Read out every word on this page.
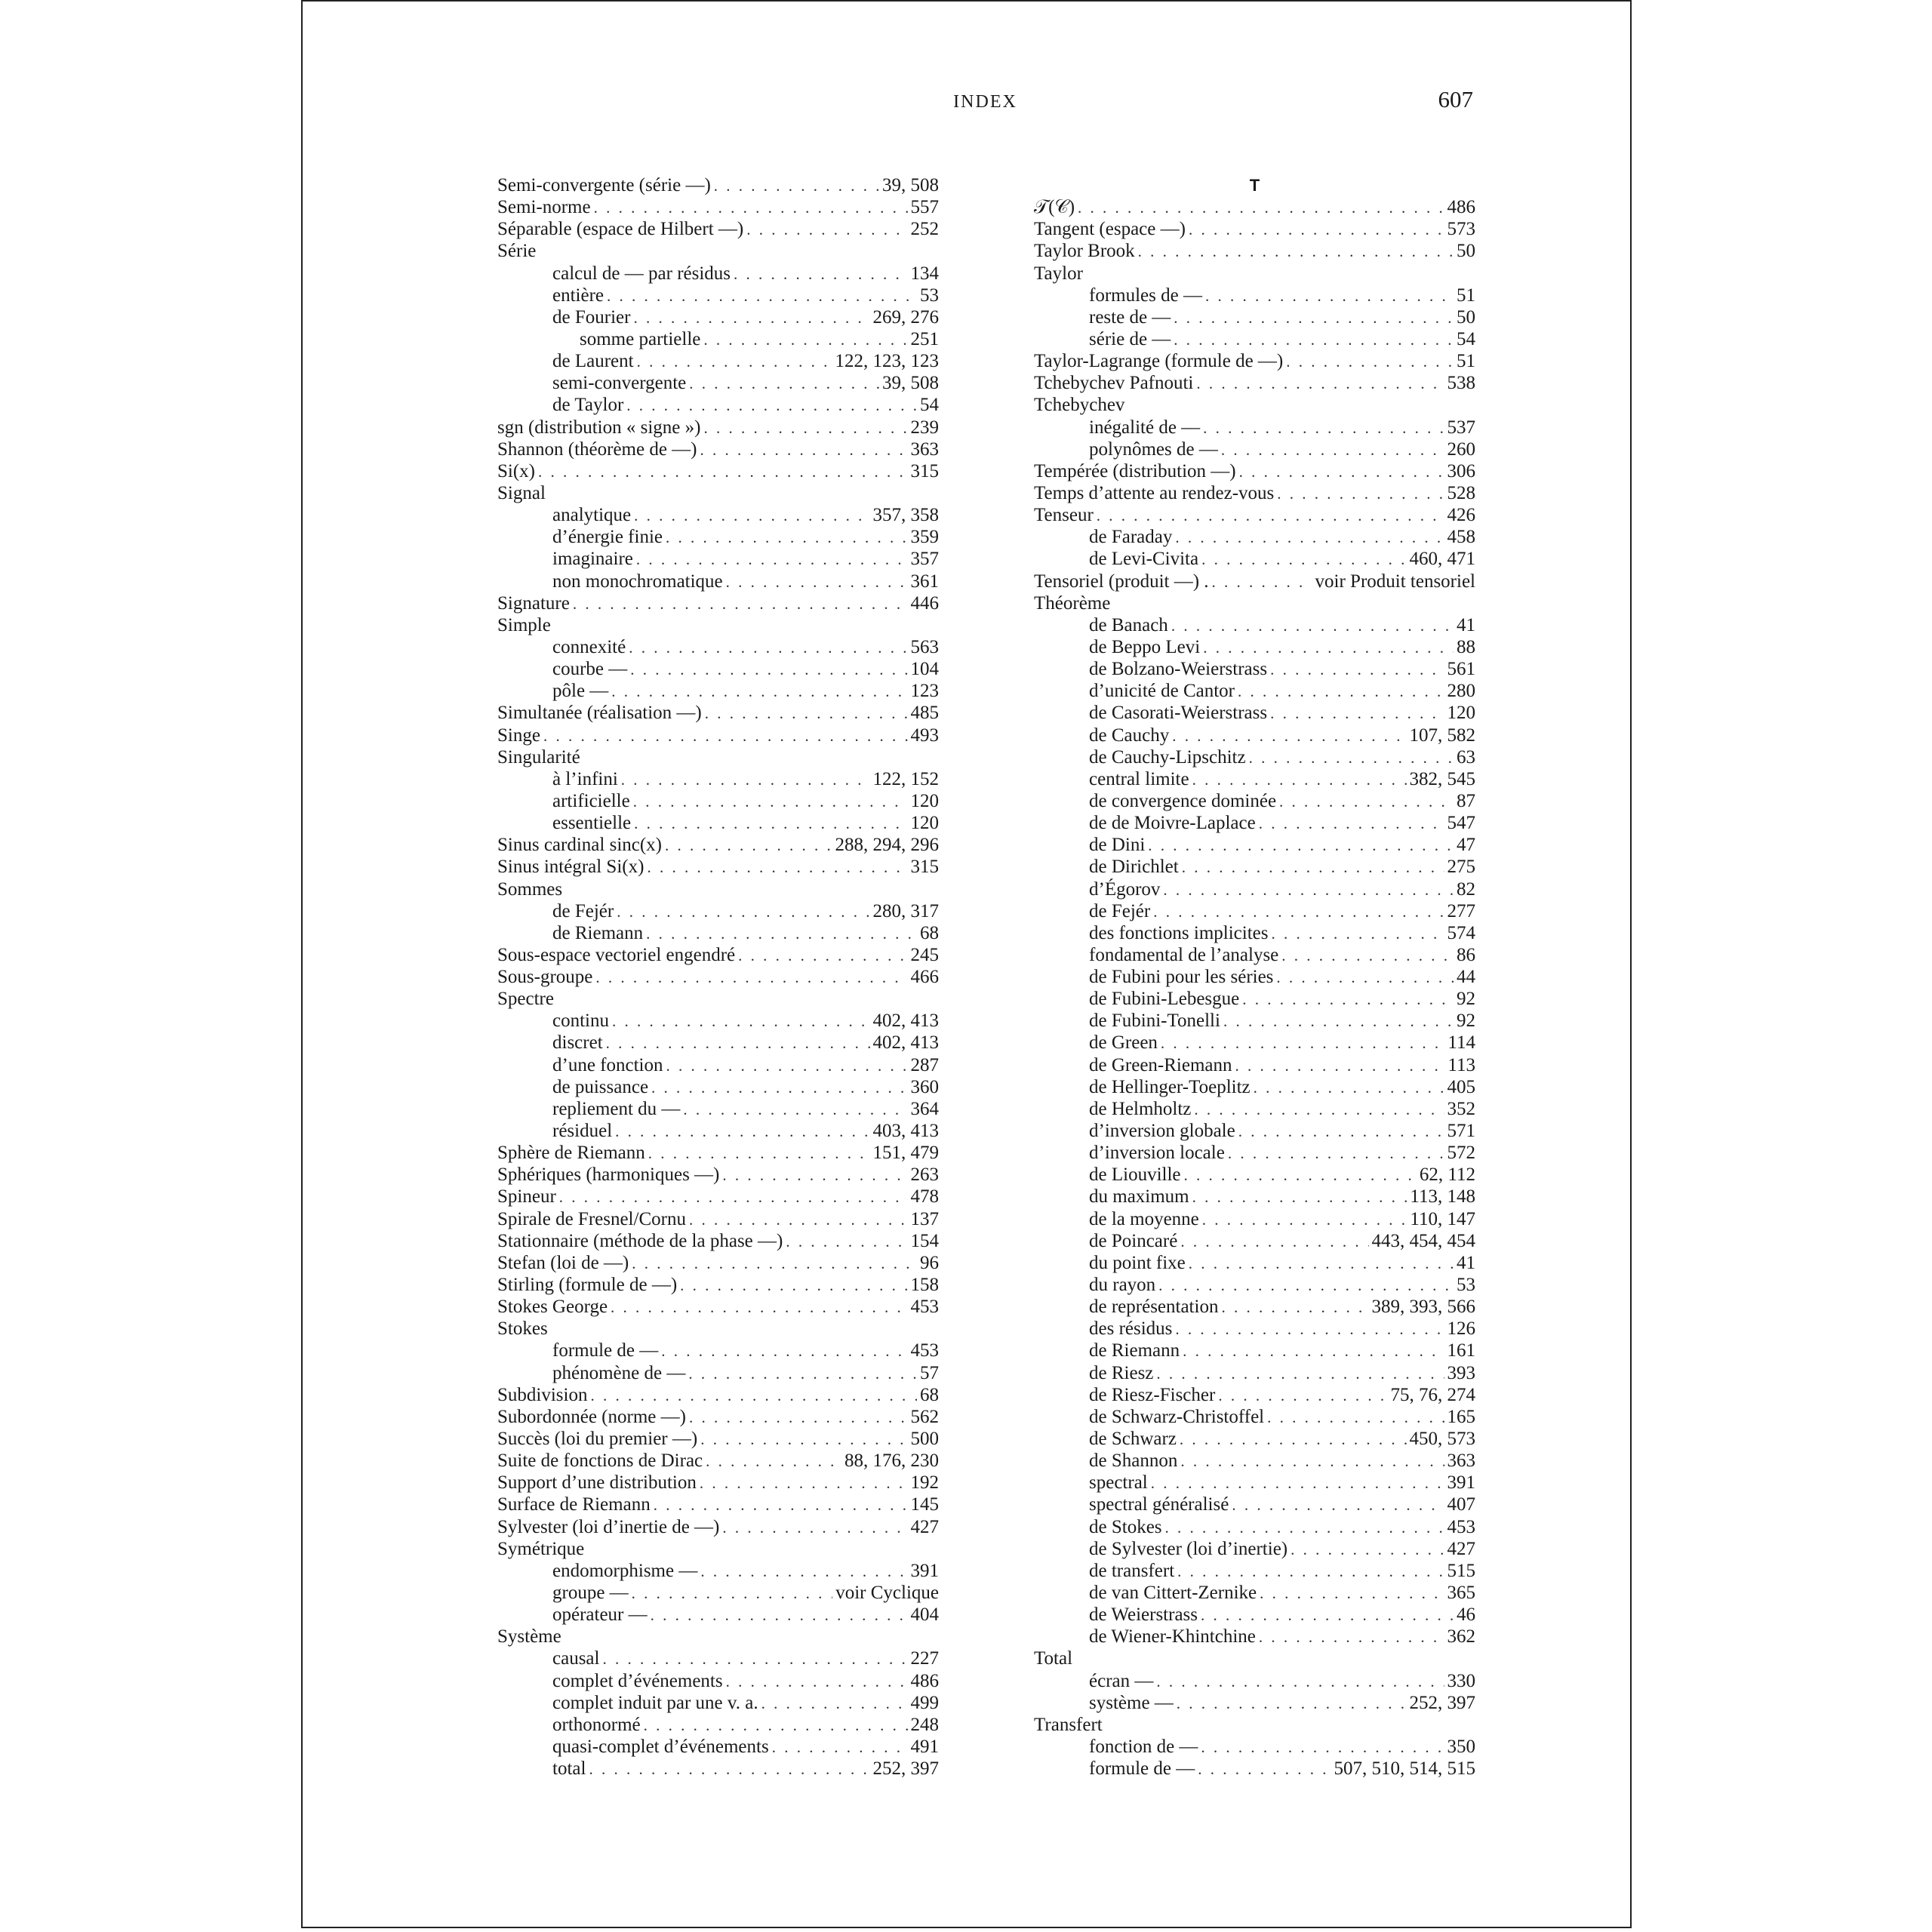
INDEX	607
Semi-convergente (série —) . . .	39, 508
Semi-norme . . .	557
Séparable (espace de Hilbert —) . . .	252
Série
calcul de — par résidus . . .	134
entière . . .	53
de Fourier . . .	269, 276
somme partielle . . .	251
de Laurent . . .	122, 123, 123
semi-convergente . . .	39, 508
de Taylor . . .	54
sgn (distribution « signe ») . . .	239
Shannon (théorème de —) . . .	363
Si(x) . . .	315
Signal
analytique . . .	357, 358
d’énergie finie . . .	359
imaginaire . . .	357
non monochromatique . . .	361
Signature . . .	446
Simple
connexité . . .	563
courbe — . . .	104
pôle — . . .	123
Simultanée (réalisation —) . . .	485
Singe . . .	493
Singularité
à l’infini . . .	122, 152
artificielle . . .	120
essentielle . . .	120
Sinus cardinal sinc(x) . . .	288, 294, 296
Sinus intégral Si(x) . . .	315
Sommes
de Fejér . . .	280, 317
de Riemann . . .	68
Sous-espace vectoriel engendré . . .	245
Sous-groupe . . .	466
Spectre
continu . . .	402, 413
discret . . .	402, 413
d’une fonction . . .	287
de puissance . . .	360
repliement du — . . .	364
résiduel . . .	403, 413
Sphère de Riemann . . .	151, 479
Sphériques (harmoniques —) . . .	263
Spineur . . .	478
Spirale de Fresnel/Cornu . . .	137
Stationnaire (méthode de la phase —) . . .	154
Stefan (loi de —) . . .	96
Stirling (formule de —) . . .	158
Stokes George . . .	453
Stokes
formule de — . . .	453
phénomène de — . . .	57
Subdivision . . .	68
Subordonnée (norme —) . . .	562
Succès (loi du premier —) . . .	500
Suite de fonctions de Dirac . . .	88, 176, 230
Support d’une distribution . . .	192
Surface de Riemann . . .	145
Sylvester (loi d’inertie de —) . . .	427
Symétrique
endomorphisme — . . .	391
groupe — . . .	voir Cyclique
opérateur — . . .	404
Système
causal . . .	227
complet d’événements . . .	486
complet induit par une v. a. . . .	499
orthonormé . . .	248
quasi-complet d’événements . . .	491
total . . .	252, 397
T
𝒯(𝒞) . . .	486
Tangent (espace —) . . .	573
Taylor Brook . . .	50
Taylor
formules de — . . .	51
reste de — . . .	50
série de — . . .	54
Taylor-Lagrange (formule de —) . . .	51
Tchebychev Pafnouti . . .	538
Tchebychev
inégalité de — . . .	537
polynômes de — . . .	260
Tempérée (distribution —) . . .	306
Temps d’attente au rendez-vous . . .	528
Tenseur . . .	426
de Faraday . . .	458
de Levi-Civita . . .	460, 471
Tensoriel (produit —) . . . .	voir Produit tensoriel
Théorème
de Banach . . .	41
de Beppo Levi . . .	88
de Bolzano-Weierstrass . . .	561
d’unicité de Cantor . . .	280
de Casorati-Weierstrass . . .	120
de Cauchy . . .	107, 582
de Cauchy-Lipschitz . . .	63
central limite . . .	382, 545
de convergence dominée . . .	87
de de Moivre-Laplace . . .	547
de Dini . . .	47
de Dirichlet . . .	275
d’Égorov . . .	82
de Fejér . . .	277
des fonctions implicites . . .	574
fondamental de l’analyse . . .	86
de Fubini pour les séries . . .	44
de Fubini-Lebesgue . . .	92
de Fubini-Tonelli . . .	92
de Green . . .	114
de Green-Riemann . . .	113
de Hellinger-Toeplitz . . .	405
de Helmholtz . . .	352
d’inversion globale . . .	571
d’inversion locale . . .	572
de Liouville . . .	62, 112
du maximum . . .	113, 148
de la moyenne . . .	110, 147
de Poincaré . . .	443, 454, 454
du point fixe . . .	41
du rayon . . .	53
de représentation . . .	389, 393, 566
des résidus . . .	126
de Riemann . . .	161
de Riesz . . .	393
de Riesz-Fischer . . .	75, 76, 274
de Schwarz-Christoffel . . .	165
de Schwarz . . .	450, 573
de Shannon . . .	363
spectral . . .	391
spectral généralisé . . .	407
de Stokes . . .	453
de Sylvester (loi d’inertie) . . .	427
de transfert . . .	515
de van Cittert-Zernike . . .	365
de Weierstrass . . .	46
de Wiener-Khintchine . . .	362
Total
écran — . . .	330
système — . . .	252, 397
Transfert
fonction de — . . .	350
formule de — . . .	507, 510, 514, 515
